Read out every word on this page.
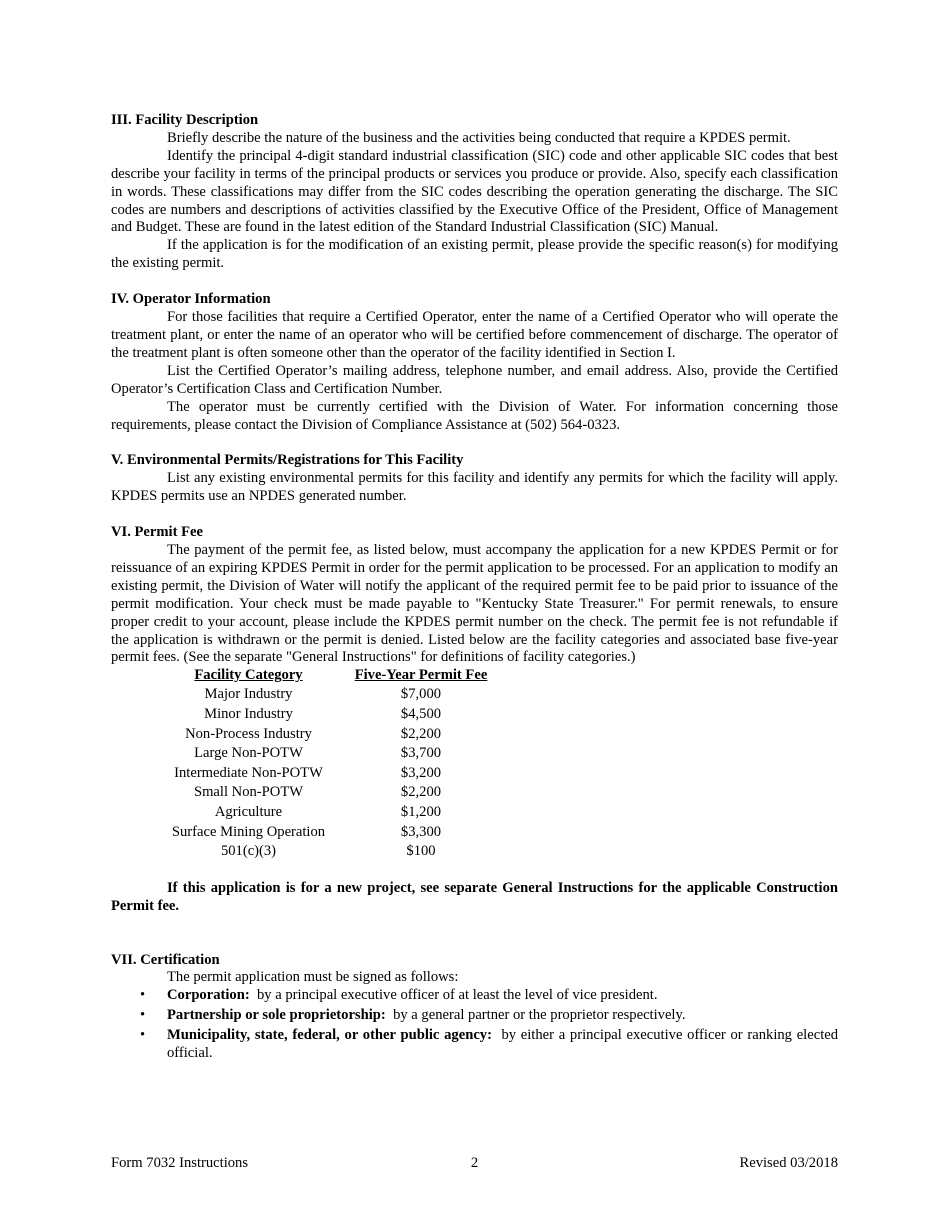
III. Facility Description

Briefly describe the nature of the business and the activities being conducted that require a KPDES permit.

Identify the principal 4-digit standard industrial classification (SIC) code and other applicable SIC codes that best describe your facility in terms of the principal products or services you produce or provide. Also, specify each classification in words. These classifications may differ from the SIC codes describing the operation generating the discharge. The SIC codes are numbers and descriptions of activities classified by the Executive Office of the President, Office of Management and Budget. These are found in the latest edition of the Standard Industrial Classification (SIC) Manual.

If the application is for the modification of an existing permit, please provide the specific reason(s) for modifying the existing permit.

IV. Operator Information

For those facilities that require a Certified Operator, enter the name of a Certified Operator who will operate the treatment plant, or enter the name of an operator who will be certified before commencement of discharge. The operator of the treatment plant is often someone other than the operator of the facility identified in Section I.

List the Certified Operator’s mailing address, telephone number, and email address. Also, provide the Certified Operator’s Certification Class and Certification Number.

The operator must be currently certified with the Division of Water. For information concerning those requirements, please contact the Division of Compliance Assistance at (502) 564-0323.

V. Environmental Permits/Registrations for This Facility

List any existing environmental permits for this facility and identify any permits for which the facility will apply. KPDES permits use an NPDES generated number.

VI. Permit Fee

The payment of the permit fee, as listed below, must accompany the application for a new KPDES Permit or for reissuance of an expiring KPDES Permit in order for the permit application to be processed. For an application to modify an existing permit, the Division of Water will notify the applicant of the required permit fee to be paid prior to issuance of the permit modification. Your check must be made payable to "Kentucky State Treasurer." For permit renewals, to ensure proper credit to your account, please include the KPDES permit number on the check. The permit fee is not refundable if the application is withdrawn or the permit is denied. Listed below are the facility categories and associated base five-year permit fees. (See the separate "General Instructions" for definitions of facility categories.)

Facility Category	Five-Year Permit Fee
Major Industry	$7,000
Minor Industry	$4,500
Non-Process Industry	$2,200
Large Non-POTW	$3,700
Intermediate Non-POTW	$3,200
Small Non-POTW	$2,200
Agriculture	$1,200
Surface Mining Operation	$3,300
501(c)(3)	$100

If this application is for a new project, see separate General Instructions for the applicable Construction Permit fee.

VII. Certification

The permit application must be signed as follows:

• Corporation: by a principal executive officer of at least the level of vice president.
• Partnership or sole proprietorship: by a general partner or the proprietor respectively.
• Municipality, state, federal, or other public agency: by either a principal executive officer or ranking elected official.
Form 7032 Instructions	2	Revised 03/2018
